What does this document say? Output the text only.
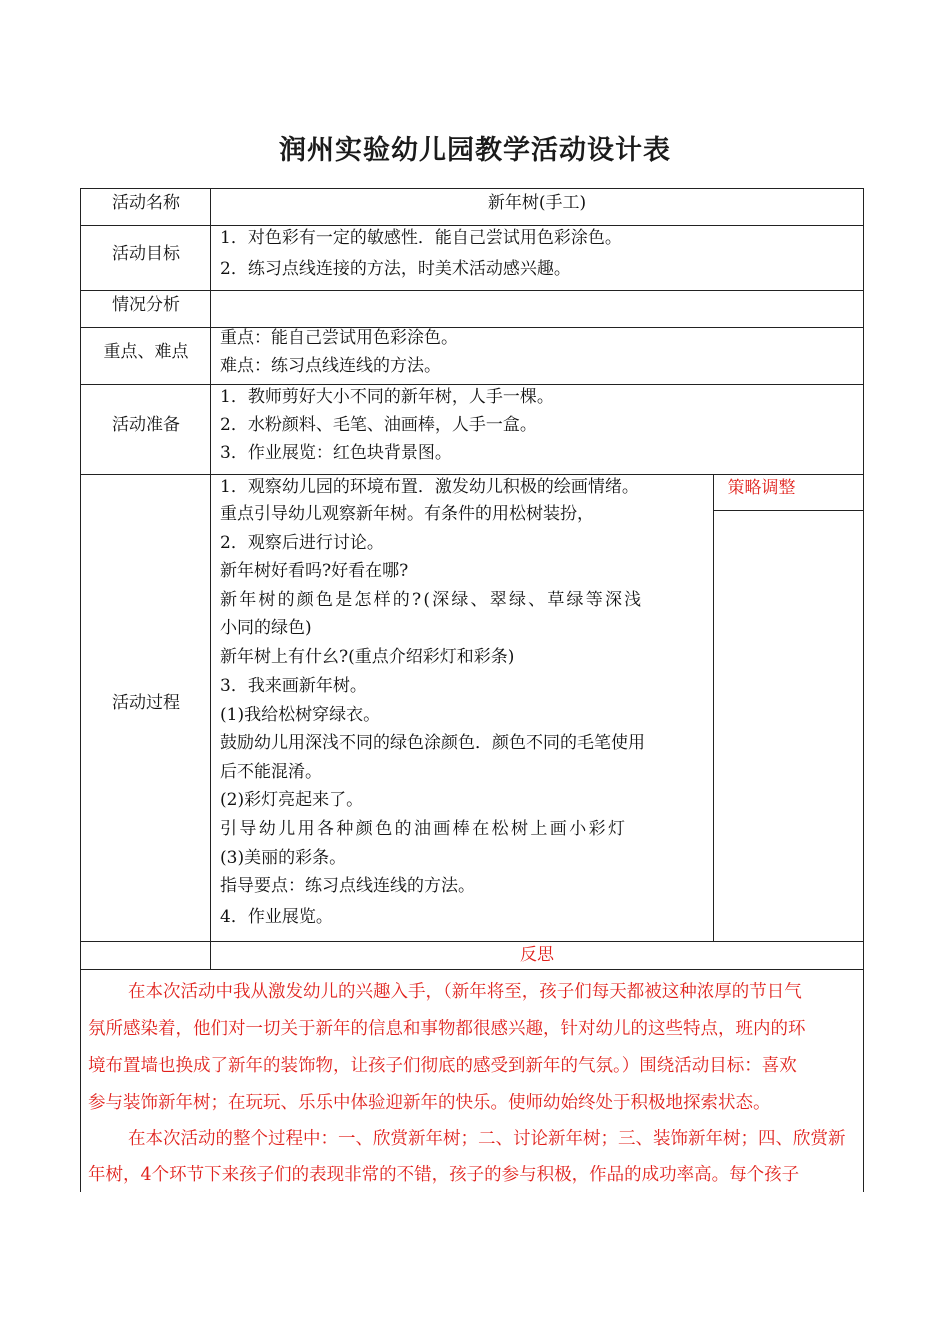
润州实验幼儿园教学活动设计表
活动名称	新年树(手工)
活动目标
1．对色彩有一定的敏感性．能自己尝试用色彩涂色。
2．练习点线连接的方法，时美术活动感兴趣。
情况分析
重点、难点
重点：能自己尝试用色彩涂色。
难点：练习点线连线的方法。
活动准备
1．教师剪好大小不同的新年树，人手一棵。
2．水粉颜料、毛笔、油画棒，人手一盒。
3．作业展览：红色块背景图。
活动过程
策略调整
1．观察幼儿园的环境布置．激发幼儿积极的绘画情绪。
重点引导幼儿观察新年树。有条件的用松树装扮，
2．观察后进行讨论。
新年树好看吗?好看在哪?
新年树的颜色是怎样的?(深绿、翠绿、草绿等深浅
小同的绿色)
新年树上有什幺?(重点介绍彩灯和彩条)
3．我来画新年树。
(1)我给松树穿绿衣。
鼓励幼儿用深浅不同的绿色涂颜色．颜色不同的毛笔使用
后不能混淆。
(2)彩灯亮起来了。
引导幼儿用各种颜色的油画棒在松树上画小彩灯
(3)美丽的彩条。
指导要点：练习点线连线的方法。
4．作业展览。
反思
在本次活动中我从激发幼儿的兴趣入手，（新年将至，孩子们每天都被这种浓厚的节日气
氛所感染着，他们对一切关于新年的信息和事物都很感兴趣，针对幼儿的这些特点，班内的环
境布置墙也换成了新年的装饰物，让孩子们彻底的感受到新年的气氛。）围绕活动目标：喜欢
参与装饰新年树；在玩玩、乐乐中体验迎新年的快乐。使师幼始终处于积极地探索状态。
在本次活动的整个过程中：一、欣赏新年树；二、讨论新年树；三、装饰新年树；四、欣赏新
年树，4个环节下来孩子们的表现非常的不错，孩子的参与积极，作品的成功率高。每个孩子
